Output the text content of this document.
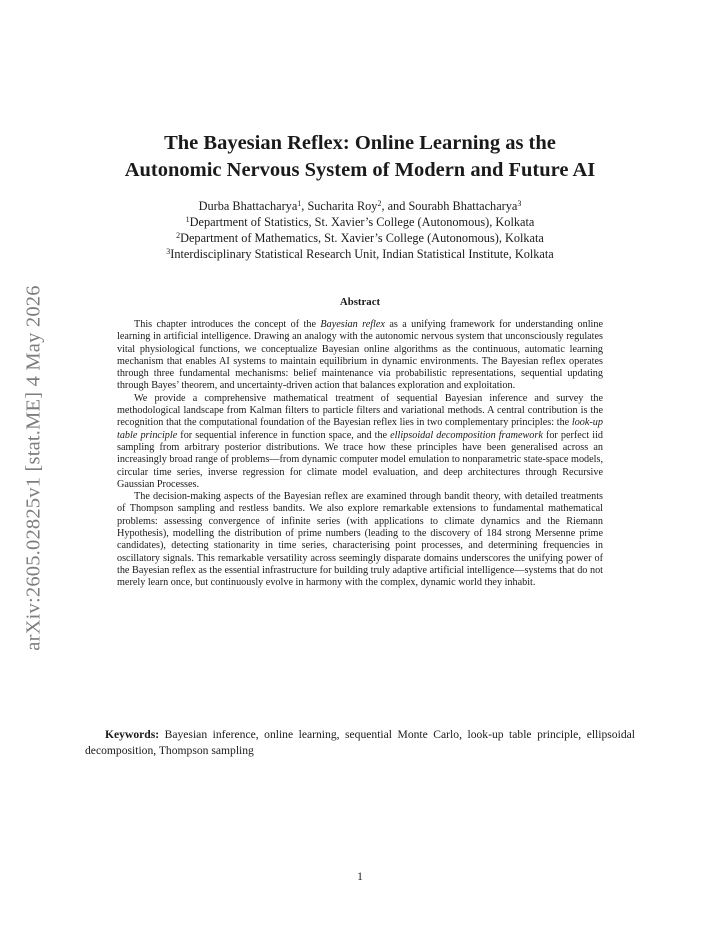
arXiv:2605.02825v1 [stat.ME] 4 May 2026
The Bayesian Reflex: Online Learning as the
Autonomic Nervous System of Modern and Future AI
Durba Bhattacharya$^1$, Sucharita Roy$^2$, and Sourabh Bhattacharya$^3$
$^1$Department of Statistics, St. Xavier’s College (Autonomous), Kolkata
$^2$Department of Mathematics, St. Xavier’s College (Autonomous), Kolkata
$^3$Interdisciplinary Statistical Research Unit, Indian Statistical Institute, Kolkata
Abstract

This chapter introduces the concept of the Bayesian reflex as a unifying framework for understanding online learning in artificial intelligence. Drawing an analogy with the autonomic nervous system that unconsciously regulates vital physiological functions, we conceptualize Bayesian online algorithms as the continuous, automatic learning mechanism that enables AI systems to maintain equilibrium in dynamic environments. The Bayesian reflex operates through three fundamental mechanisms: belief maintenance via probabilistic representations, sequential updating through Bayes’ theorem, and uncertainty-driven action that balances exploration and exploitation.

We provide a comprehensive mathematical treatment of sequential Bayesian inference and survey the methodological landscape from Kalman filters to particle filters and variational methods. A central contribution is the recognition that the computational foundation of the Bayesian reflex lies in two complementary principles: the look-up table principle for sequential inference in function space, and the ellipsoidal decomposition framework for perfect iid sampling from arbitrary posterior distributions. We trace how these principles have been generalised across an increasingly broad range of problems—from dynamic computer model emulation to nonparametric state-space models, circular time series, inverse regression for climate model evaluation, and deep architectures through Recursive Gaussian Processes.

The decision-making aspects of the Bayesian reflex are examined through bandit theory, with detailed treatments of Thompson sampling and restless bandits. We also explore remarkable extensions to fundamental mathematical problems: assessing convergence of infinite series (with applications to climate dynamics and the Riemann Hypothesis), modelling the distribution of prime numbers (leading to the discovery of 184 strong Mersenne prime candidates), detecting stationarity in time series, characterising point processes, and determining frequencies in oscillatory signals. This remarkable versatility across seemingly disparate domains underscores the unifying power of the Bayesian reflex as the essential infrastructure for building truly adaptive artificial intelligence—systems that do not merely learn once, but continuously evolve in harmony with the complex, dynamic world they inhabit.

Keywords: Bayesian inference, online learning, sequential Monte Carlo, look-up table principle, ellipsoidal decomposition, Thompson sampling

1
